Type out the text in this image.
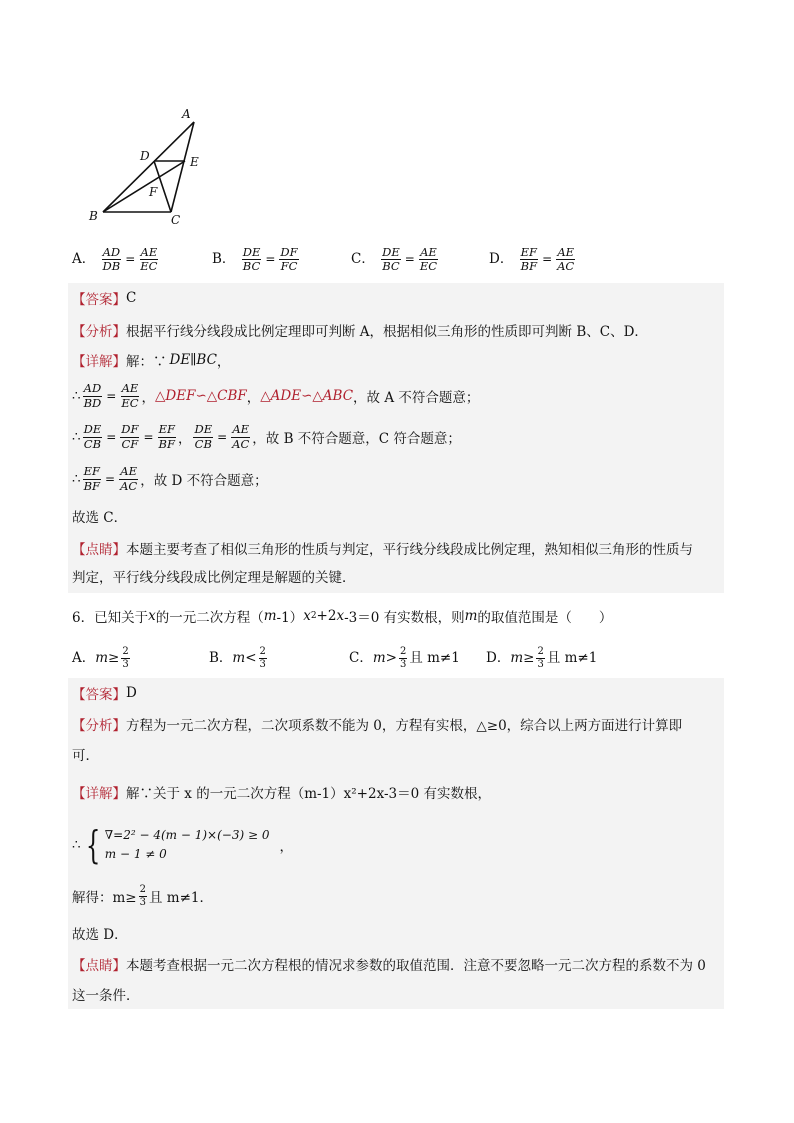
A
D	E
F
B	C
A． $\frac{AD}{DB} = \frac{AE}{EC}$	B． $\frac{DE}{BC} = \frac{DF}{FC}$	C． $\frac{DE}{BC} = \frac{AE}{EC}$	D． $\frac{EF}{BF} = \frac{AE}{AC}$
【答案】 C
【分析】 根据平行线分线段成比例定理即可判断 A，根据相似三角形的性质即可判断 B、C、D．
【详解】 解：∵ DE∥BC ，
∴ $\frac{AD}{BD} = \frac{AE}{EC}$ ， △DEF∽△CBF ， △ADE∽△ABC ，故 A 不符合题意；
∴ $\frac{DE}{CB} = \frac{DF}{CF} = \frac{EF}{BF}$ ， $\frac{DE}{CB} = \frac{AE}{AC}$ ，故 B 不符合题意，C 符合题意；
∴ $\frac{EF}{BF} = \frac{AE}{AC}$ ，故 D 不符合题意；
故选 C．
【点睛】 本题主要考查了相似三角形的性质与判定，平行线分线段成比例定理，熟知相似三角形的性质与
判定，平行线分线段成比例定理是解题的关键．
6．已知关于 x 的一元二次方程（ m -1） x 2 +2 x -3＝0 有实数根，则 m 的取值范围是（　　）
A．$m\ge \frac{2}{3}$	B．$m< \frac{2}{3}$	C．$m> \frac{2}{3}$ 且 m≠1	D．$m\ge \frac{2}{3}$ 且 m≠1
【答案】 D
【分析】 方程为一元二次方程，二次项系数不能为 0，方程有实根，△≥0，综合以上两方面进行计算即
可．
【详解】 解∵关于 x 的一元二次方程（m-1）x²+2x-3＝0 有实数根，
∴ { ∇=2² − 4(m − 1)×(−3) ≥ 0
m − 1 ≠ 0	，
解得：$m\ge \frac{2}{3}$ 且 m≠1．
故选 D．
【点睛】 本题考查根据一元二次方程根的情况求参数的取值范围．注意不要忽略一元二次方程的系数不为 0
这一条件．
